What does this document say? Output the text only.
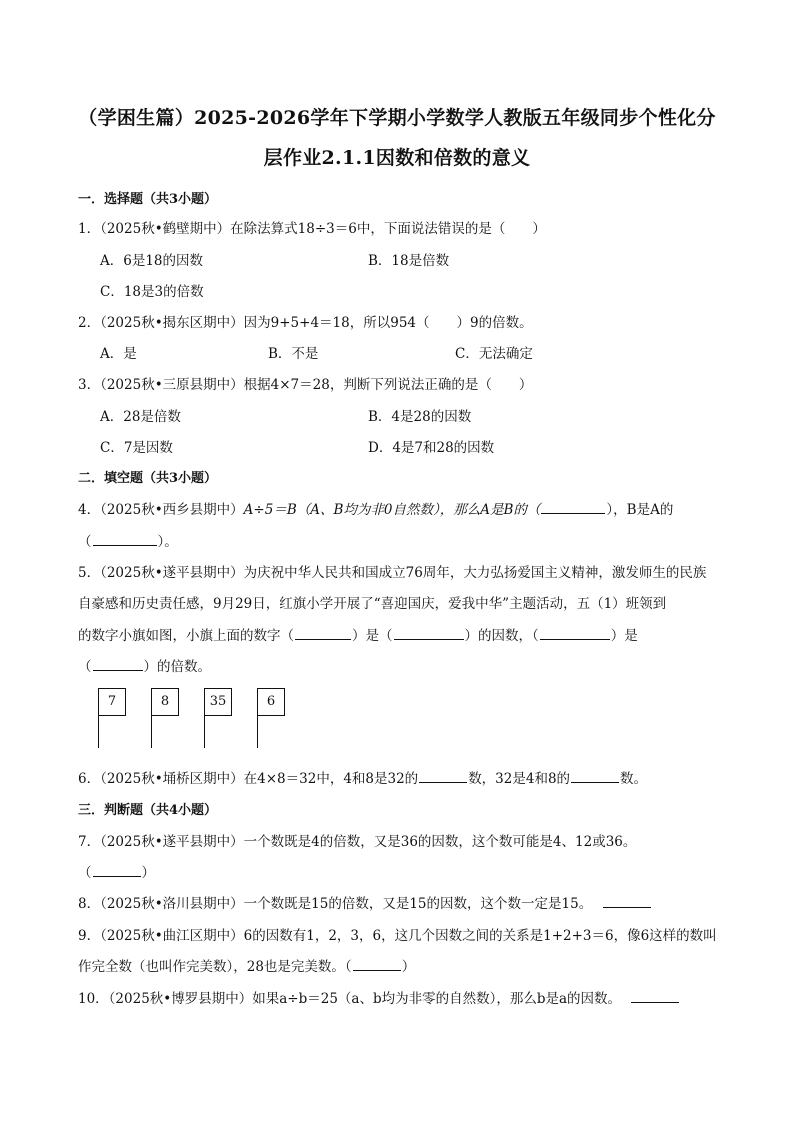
（学困生篇）2025-2026学年下学期小学数学人教版五年级同步个性化分
层作业2.1.1因数和倍数的意义
一．选择题（共3小题）
1．（2025秋•鹤壁期中）在除法算式18÷3＝6中，下面说法错误的是（　　）
A．6是18的因数	B．18是倍数
C．18是3的倍数
2．（2025秋•揭东区期中）因为9+5+4＝18，所以954（　　）9的倍数。
A．是	B．不是	C．无法确定
3．（2025秋•三原县期中）根据4×7＝28，判断下列说法正确的是（　　）
A．28是倍数	B．4是28的因数
C．7是因数	D．4是7和28的因数
二．填空题（共3小题）
4．（2025秋•西乡县期中）A÷5＝B（A、B均为非0自然数），那么A是B的（	），B是A的
（	）。
5．（2025秋•遂平县期中）为庆祝中华人民共和国成立76周年，大力弘扬爱国主义精神，激发师生的民族
自豪感和历史责任感，9月29日，红旗小学开展了“喜迎国庆，爱我中华”主题活动，五（1）班领到
的数字小旗如图，小旗上面的数字（	）是（	）的因数，（	）是
（	）的倍数。
7	8	35	6
6．（2025秋•埇桥区期中）在4×8＝32中，4和8是32的	数，32是4和8的	数。
三．判断题（共4小题）
7．（2025秋•遂平县期中）一个数既是4的倍数，又是36的因数，这个数可能是4、12或36。
（	）
8．（2025秋•洛川县期中）一个数既是15的倍数，又是15的因数，这个数一定是15。
9．（2025秋•曲江区期中）6的因数有1，2，3，6，这几个因数之间的关系是1+2+3＝6，像6这样的数叫
作完全数（也叫作完美数），28也是完美数。（	）
10．（2025秋•博罗县期中）如果a÷b＝25（a、b均为非零的自然数），那么b是a的因数。
